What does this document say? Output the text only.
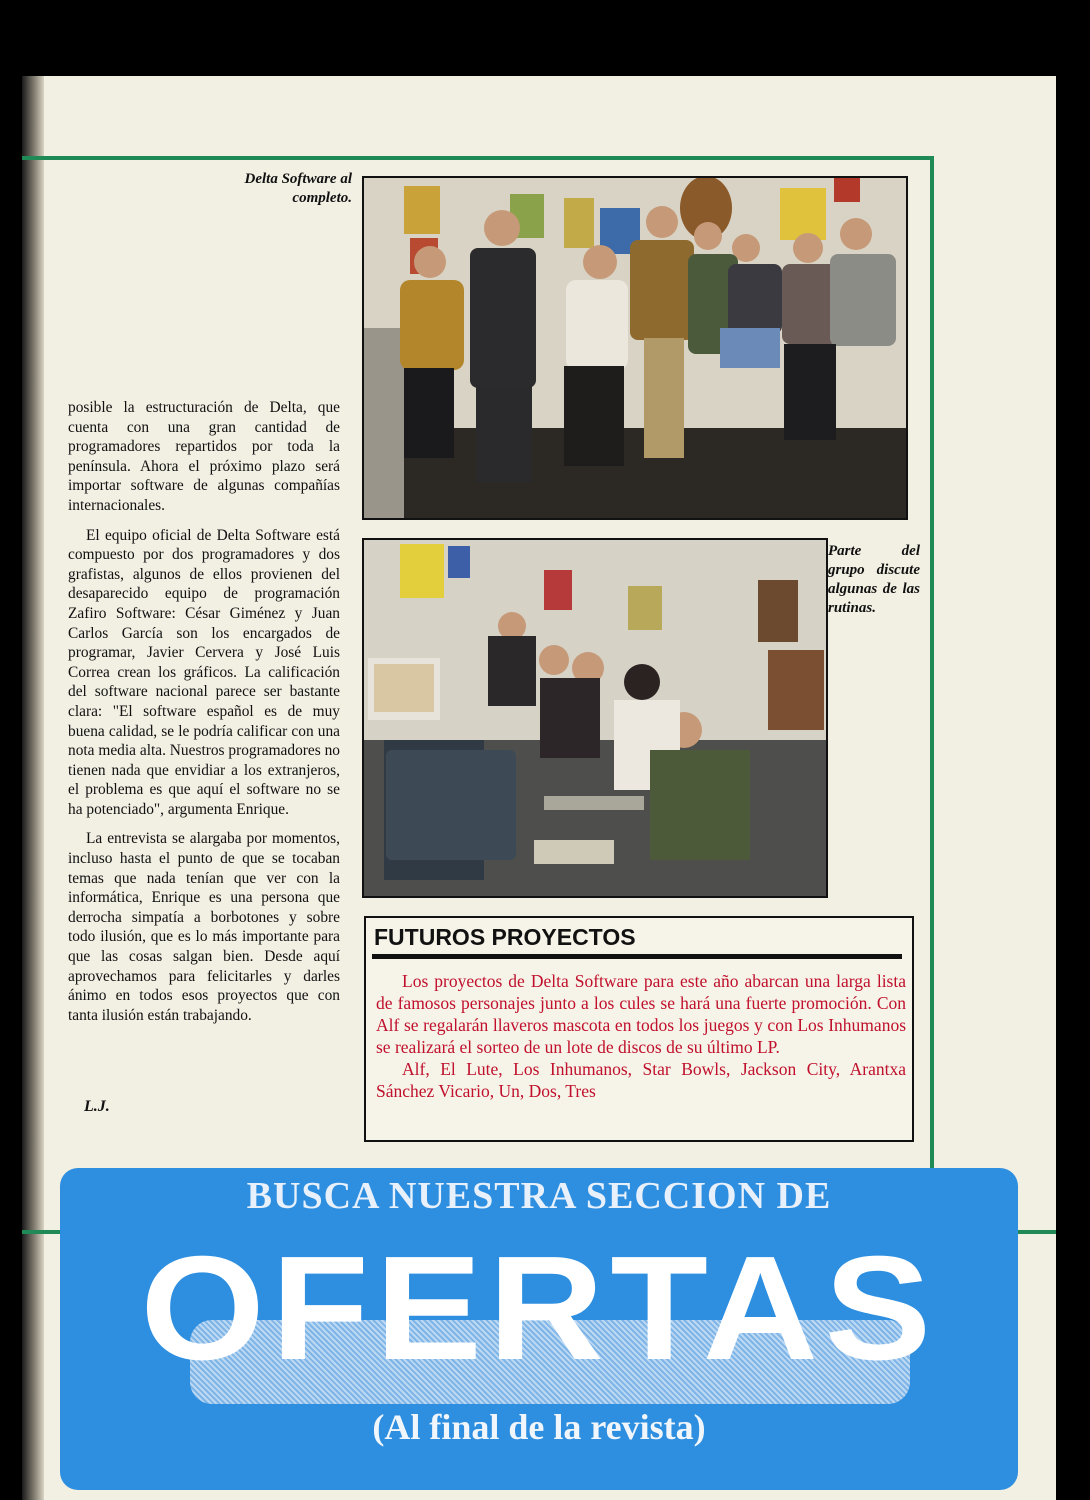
Delta Software al completo.
Parte del grupo discute algunas de las rutinas.

posible la estructuración de Delta, que cuenta con una gran cantidad de programadores repartidos por toda la península. Ahora el próximo plazo será importar software de algunas compañías internacionales.

El equipo oficial de Delta Software está compuesto por dos programadores y dos grafistas, algunos de ellos provienen del desaparecido equipo de programación Zafiro Software: César Giménez y Juan Carlos García son los encargados de programar, Javier Cervera y José Luis Correa crean los gráficos. La calificación del software nacional parece ser bastante clara: "El software español es de muy buena calidad, se le podría calificar con una nota media alta. Nuestros programadores no tienen nada que envidiar a los extranjeros, el problema es que aquí el software no se ha potenciado", argumenta Enrique.

La entrevista se alargaba por momentos, incluso hasta el punto de que se tocaban temas que nada tenían que ver con la informática, Enrique es una persona que derrocha simpatía a borbotones y sobre todo ilusión, que es lo más importante para que las cosas salgan bien. Desde aquí aprovechamos para felicitarles y darles ánimo en todos esos proyectos que con tanta ilusión están trabajando.

L.J.
FUTUROS PROYECTOS

Los proyectos de Delta Software para este año abarcan una larga lista de famosos personajes junto a los cules se hará una fuerte promoción. Con Alf se regalarán llaveros mascota en todos los juegos y con Los Inhumanos se realizará el sorteo de un lote de discos de su último LP.

Alf, El Lute, Los Inhumanos, Star Bowls, Jackson City, Arantxa Sánchez Vicario, Un, Dos, Tres

BUSCA NUESTRA SECCION DE
OFERTAS
(Al final de la revista)
